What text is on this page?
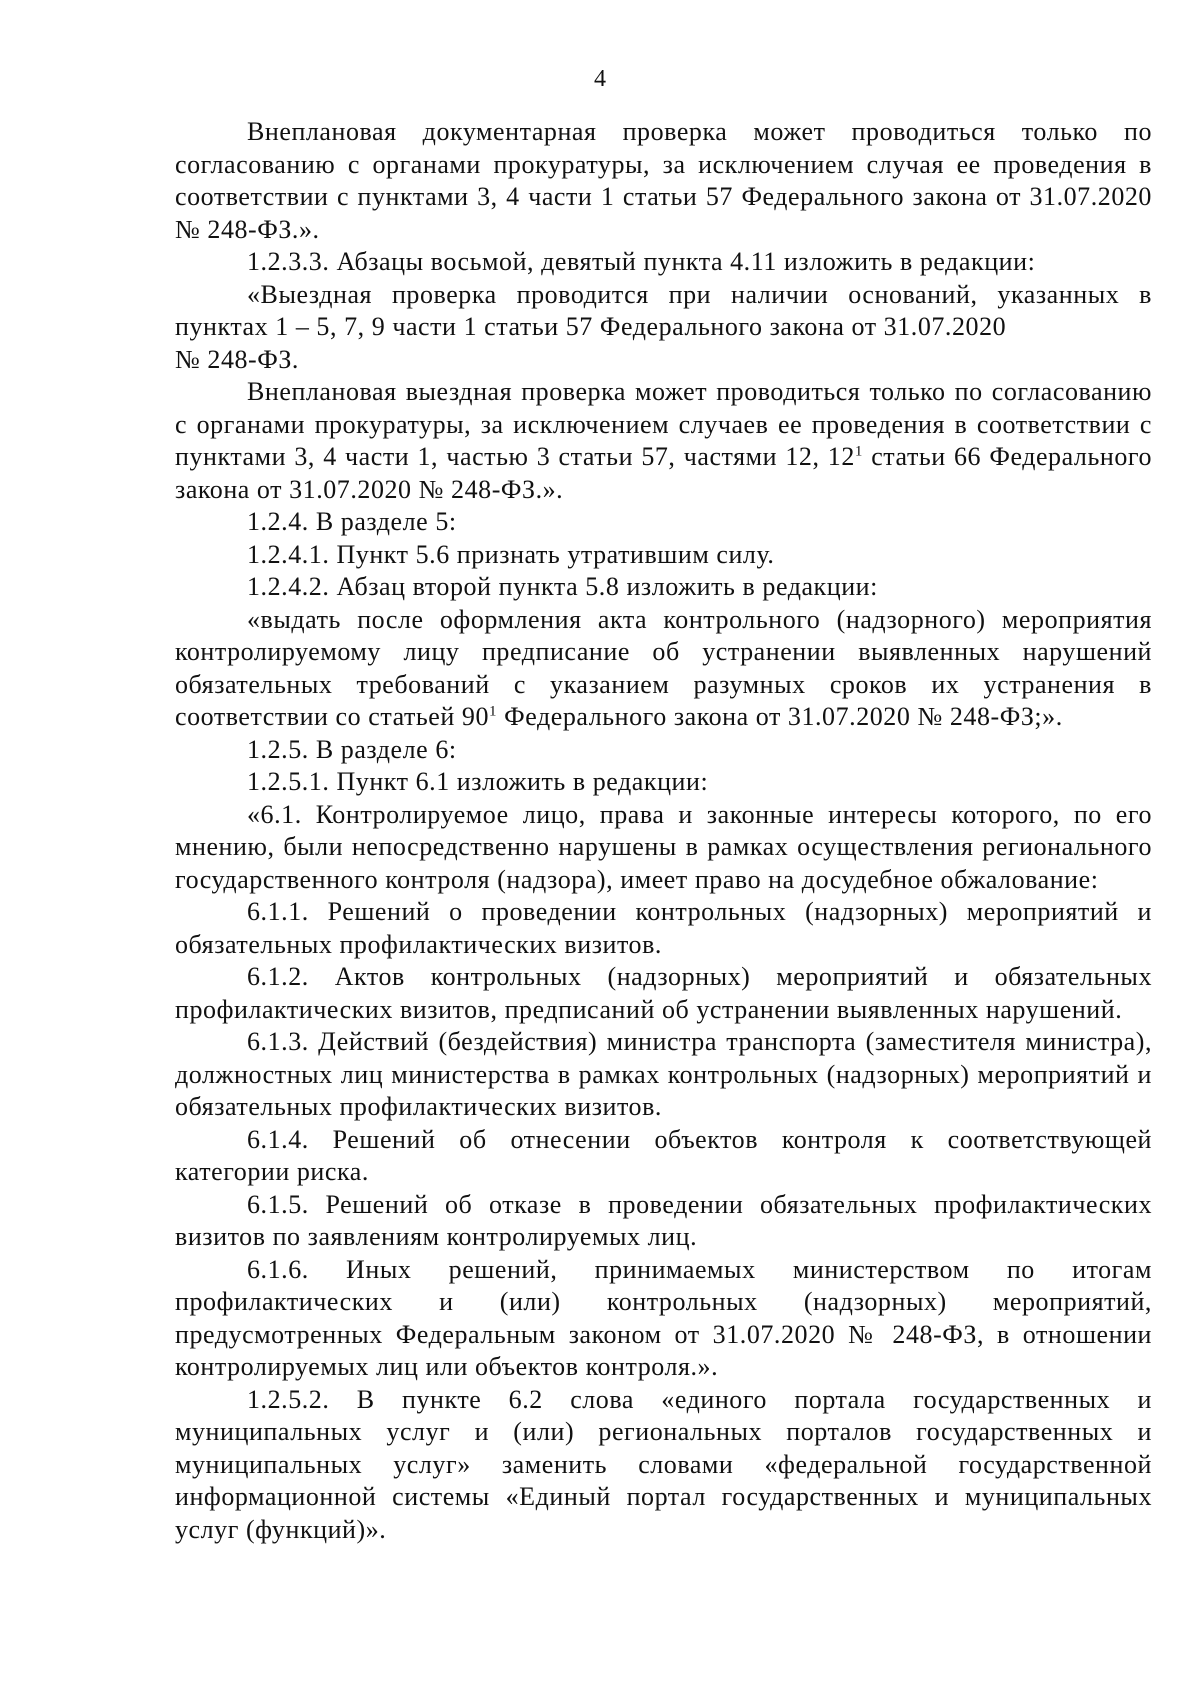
4

Внеплановая документарная проверка может проводиться только по согласованию с органами прокуратуры, за исключением случая ее проведения в соответствии с пунктами 3, 4 части 1 статьи 57 Федерального закона от 31.07.2020 № 248-ФЗ.».

1.2.3.3. Абзацы восьмой, девятый пункта 4.11 изложить в редакции:

«Выездная проверка проводится при наличии оснований, указанных в пунктах 1 – 5, 7, 9 части 1 статьи 57 Федерального закона от 31.07.2020

№ 248-ФЗ.

Внеплановая выездная проверка может проводиться только по согласованию с органами прокуратуры, за исключением случаев ее проведения в соответствии с пунктами 3, 4 части 1, частью 3 статьи 57, частями 12, $12^1$ статьи 66 Федерального закона от 31.07.2020 № 248-ФЗ.».

1.2.4. В разделе 5:

1.2.4.1. Пункт 5.6 признать утратившим силу.

1.2.4.2. Абзац второй пункта 5.8 изложить в редакции:

«выдать после оформления акта контрольного (надзорного) мероприятия контролируемому лицу предписание об устранении выявленных нарушений обязательных требований с указанием разумных сроков их устранения в соответствии со статьей $90^1$ Федерального закона от 31.07.2020 № 248-ФЗ;».

1.2.5. В разделе 6:

1.2.5.1. Пункт 6.1 изложить в редакции:

«6.1. Контролируемое лицо, права и законные интересы которого, по его мнению, были непосредственно нарушены в рамках осуществления регионального государственного контроля (надзора), имеет право на досудебное обжалование:

6.1.1. Решений о проведении контрольных (надзорных) мероприятий и обязательных профилактических визитов.

6.1.2. Актов контрольных (надзорных) мероприятий и обязательных профилактических визитов, предписаний об устранении выявленных нарушений.

6.1.3. Действий (бездействия) министра транспорта (заместителя министра), должностных лиц министерства в рамках контрольных (надзорных) мероприятий и обязательных профилактических визитов.

6.1.4. Решений об отнесении объектов контроля к соответствующей категории риска.

6.1.5. Решений об отказе в проведении обязательных профилактических визитов по заявлениям контролируемых лиц.

6.1.6. Иных решений, принимаемых министерством по итогам профилактических и (или) контрольных (надзорных) мероприятий, предусмотренных Федеральным законом от 31.07.2020 № 248-ФЗ, в отношении контролируемых лиц или объектов контроля.».

1.2.5.2. В пункте 6.2 слова «единого портала государственных и муниципальных услуг и (или) региональных порталов государственных и муниципальных услуг» заменить словами «федеральной государственной информационной системы «Единый портал государственных и муниципальных услуг (функций)».
